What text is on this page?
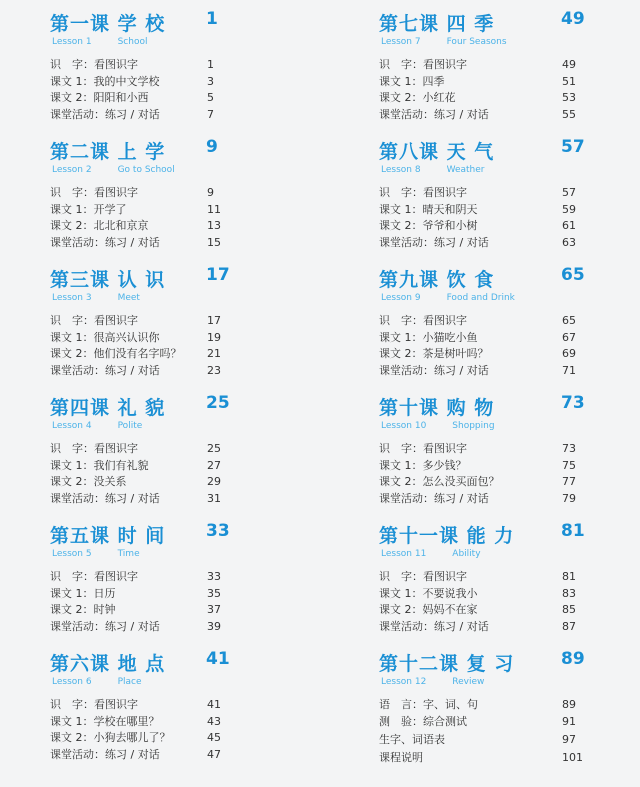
第一课 学 校 1
Lesson 1	School
识　字：看图识字	1
课文 1：我的中文学校	3
课文 2：阳阳和小西	5
课堂活动：练习 / 对话	7
第二课 上 学 9
Lesson 2	Go to School
识　字：看图识字	9
课文 1：开学了	11
课文 2：北北和京京	13
课堂活动：练习 / 对话	15
第三课 认 识 17
Lesson 3	Meet
识　字：看图识字	17
课文 1：很高兴认识你	19
课文 2：他们没有名字吗？ 21
课堂活动：练习 / 对话	23
第四课 礼 貌 25
Lesson 4	Polite
识　字：看图识字	25
课文 1：我们有礼貌	27
课文 2：没关系	29
课堂活动：练习 / 对话	31
第五课 时 间 33
Lesson 5	Time
识　字：看图识字	33
课文 1：日历	35
课文 2：时钟	37
课堂活动：练习 / 对话	39
第六课 地 点 41
Lesson 6	Place
识　字：看图识字	41
课文 1：学校在哪里？	43
课文 2：小狗去哪儿了？	45
课堂活动：练习 / 对话	47
第七课 四 季	49
Lesson 7	Four Seasons
识　字：看图识字	49
课文 1：四季	51
课文 2：小红花	53
课堂活动：练习 / 对话	55
第八课 天 气	57
Lesson 8	Weather
识　字：看图识字	57
课文 1：晴天和阴天	59
课文 2：爷爷和小树	61
课堂活动：练习 / 对话	63
第九课 饮 食	65
Lesson 9	Food and Drink
识　字：看图识字	65
课文 1：小猫吃小鱼	67
课文 2：茶是树叶吗？	69
课堂活动：练习 / 对话	71
第十课 购 物	73
Lesson 10	Shopping
识　字：看图识字	73
课文 1：多少钱？	75
课文 2：怎么没买面包？	77
课堂活动：练习 / 对话	79
第十一课 能 力	81
Lesson 11	Ability
识　字：看图识字	81
课文 1：不要说我小	83
课文 2：妈妈不在家	85
课堂活动：练习 / 对话	87
第十二课 复 习	89
Lesson 12	Review
语　言：字、词、句	89
测　验：综合测试	91
生字、词语表	97
课程说明	101
